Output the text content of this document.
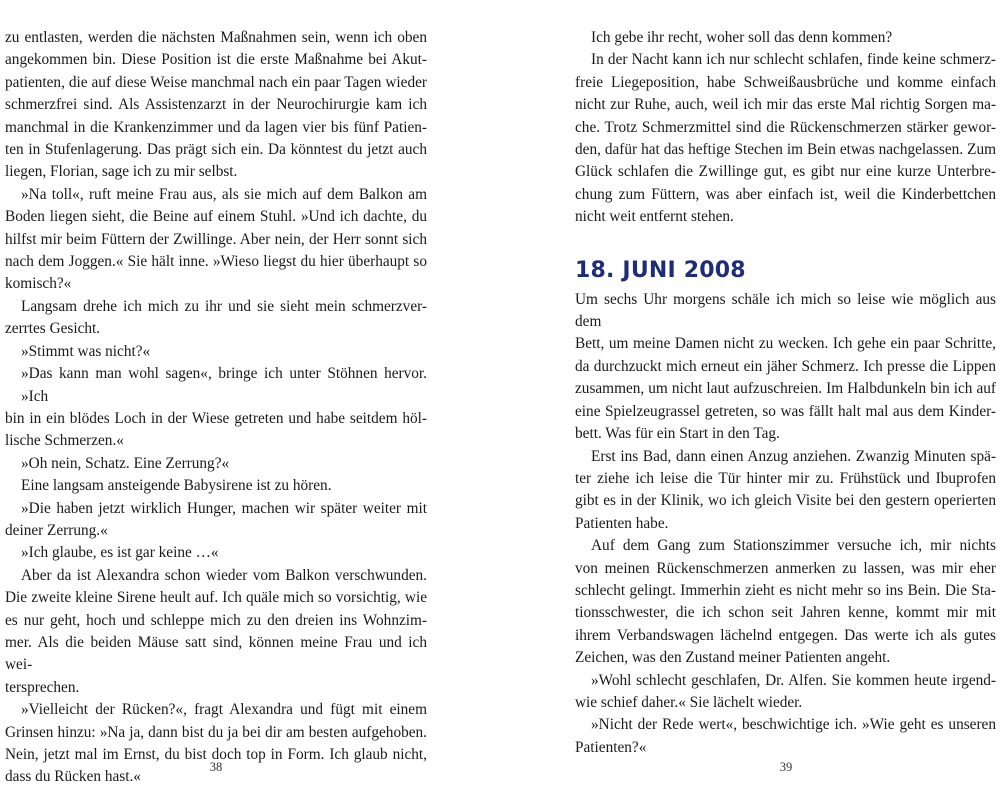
zu entlasten, werden die nächsten Maßnahmen sein, wenn ich oben
angekommen bin. Diese Position ist die erste Maßnahme bei Akut-
patienten, die auf diese Weise manchmal nach ein paar Tagen wieder
schmerzfrei sind. Als Assistenzarzt in der Neurochirurgie kam ich
manchmal in die Krankenzimmer und da lagen vier bis fünf Patien-
ten in Stufenlagerung. Das prägt sich ein. Da könntest du jetzt auch
liegen, Florian, sage ich zu mir selbst.
»Na toll«, ruft meine Frau aus, als sie mich auf dem Balkon am
Boden liegen sieht, die Beine auf einem Stuhl. »Und ich dachte, du
hilfst mir beim Füttern der Zwillinge. Aber nein, der Herr sonnt sich
nach dem Joggen.« Sie hält inne. »Wieso liegst du hier überhaupt so
komisch?«
Langsam drehe ich mich zu ihr und sie sieht mein schmerzver-
zerrtes Gesicht.
»Stimmt was nicht?«
»Das kann man wohl sagen«, bringe ich unter Stöhnen hervor. »Ich
bin in ein blödes Loch in der Wiese getreten und habe seitdem höl-
lische Schmerzen.«
»Oh nein, Schatz. Eine Zerrung?«
Eine langsam ansteigende Babysirene ist zu hören.
»Die haben jetzt wirklich Hunger, machen wir später weiter mit
deiner Zerrung.«
»Ich glaube, es ist gar keine …«
Aber da ist Alexandra schon wieder vom Balkon verschwunden.
Die zweite kleine Sirene heult auf. Ich quäle mich so vorsichtig, wie
es nur geht, hoch und schleppe mich zu den dreien ins Wohnzim-
mer. Als die beiden Mäuse satt sind, können meine Frau und ich wei-
tersprechen.
»Vielleicht der Rücken?«, fragt Alexandra und fügt mit einem
Grinsen hinzu: »Na ja, dann bist du ja bei dir am besten aufgehoben.
Nein, jetzt mal im Ernst, du bist doch top in Form. Ich glaub nicht,
dass du Rücken hast.«
38
Ich gebe ihr recht, woher soll das denn kommen?
In der Nacht kann ich nur schlecht schlafen, finde keine schmerz-
freie Liegeposition, habe Schweißausbrüche und komme einfach
nicht zur Ruhe, auch, weil ich mir das erste Mal richtig Sorgen ma-
che. Trotz Schmerzmittel sind die Rückenschmerzen stärker gewor-
den, dafür hat das heftige Stechen im Bein etwas nachgelassen. Zum
Glück schlafen die Zwillinge gut, es gibt nur eine kurze Unterbre-
chung zum Füttern, was aber einfach ist, weil die Kinderbettchen
nicht weit entfernt stehen.
18. JUNI 2008
Um sechs Uhr morgens schäle ich mich so leise wie möglich aus dem
Bett, um meine Damen nicht zu wecken. Ich gehe ein paar Schritte,
da durchzuckt mich erneut ein jäher Schmerz. Ich presse die Lippen
zusammen, um nicht laut aufzuschreien. Im Halbdunkeln bin ich auf
eine Spielzeugrassel getreten, so was fällt halt mal aus dem Kinder-
bett. Was für ein Start in den Tag.
Erst ins Bad, dann einen Anzug anziehen. Zwanzig Minuten spä-
ter ziehe ich leise die Tür hinter mir zu. Frühstück und Ibuprofen
gibt es in der Klinik, wo ich gleich Visite bei den gestern operierten
Patienten habe.
Auf dem Gang zum Stationszimmer versuche ich, mir nichts
von meinen Rückenschmerzen anmerken zu lassen, was mir eher
schlecht gelingt. Immerhin zieht es nicht mehr so ins Bein. Die Sta-
tionsschwester, die ich schon seit Jahren kenne, kommt mir mit
ihrem Verbandswagen lächelnd entgegen. Das werte ich als gutes
Zeichen, was den Zustand meiner Patienten angeht.
»Wohl schlecht geschlafen, Dr. Alfen. Sie kommen heute irgend-
wie schief daher.« Sie lächelt wieder.
»Nicht der Rede wert«, beschwichtige ich. »Wie geht es unseren
Patienten?«
39
